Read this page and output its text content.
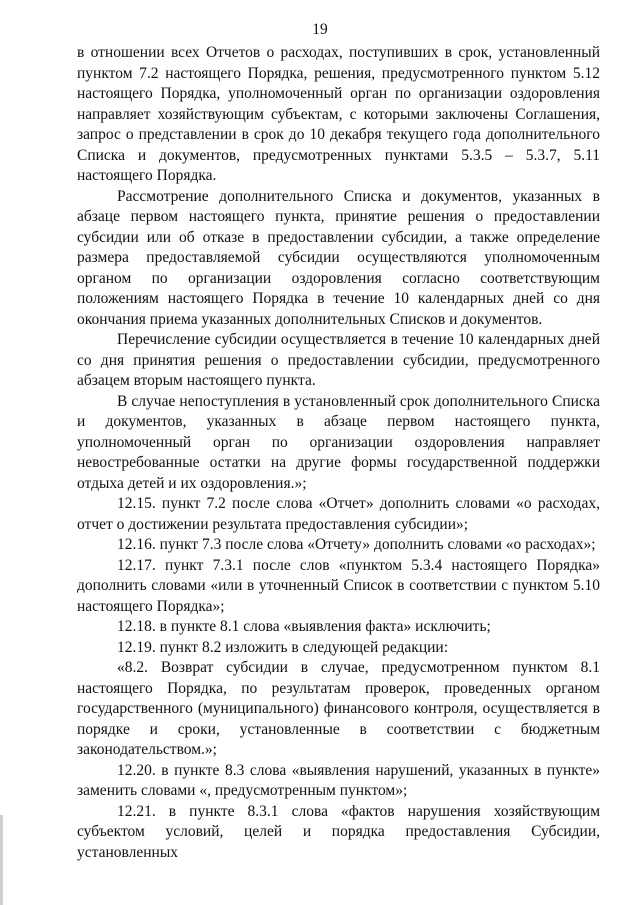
19

в отношении всех Отчетов о расходах, поступивших в срок, установленный пунктом 7.2 настоящего Порядка, решения, предусмотренного пунктом 5.12 настоящего Порядка, уполномоченный орган по организации оздоровления направляет хозяйствующим субъектам, с которыми заключены Соглашения, запрос о представлении в срок до 10 декабря текущего года дополнительного Списка и документов, предусмотренных пунктами 5.3.5 – 5.3.7, 5.11 настоящего Порядка.

Рассмотрение дополнительного Списка и документов, указанных в абзаце первом настоящего пункта, принятие решения о предоставлении субсидии или об отказе в предоставлении субсидии, а также определение размера предоставляемой субсидии осуществляются уполномоченным органом по организации оздоровления согласно соответствующим положениям настоящего Порядка в течение 10 календарных дней со дня окончания приема указанных дополнительных Списков и документов.

Перечисление субсидии осуществляется в течение 10 календарных дней со дня принятия решения о предоставлении субсидии, предусмотренного абзацем вторым настоящего пункта.

В случае непоступления в установленный срок дополнительного Списка и документов, указанных в абзаце первом настоящего пункта, уполномоченный орган по организации оздоровления направляет невостребованные остатки на другие формы государственной поддержки отдыха детей и их оздоровления.»;

12.15. пункт 7.2 после слова «Отчет» дополнить словами «о расходах, отчет о достижении результата предоставления субсидии»;

12.16. пункт 7.3 после слова «Отчету» дополнить словами «о расходах»;

12.17. пункт 7.3.1 после слов «пунктом 5.3.4 настоящего Порядка» дополнить словами «или в уточненный Список в соответствии с пунктом 5.10 настоящего Порядка»;

12.18. в пункте 8.1 слова «выявления факта» исключить;

12.19. пункт 8.2 изложить в следующей редакции:

«8.2. Возврат субсидии в случае, предусмотренном пунктом 8.1 настоящего Порядка, по результатам проверок, проведенных органом государственного (муниципального) финансового контроля, осуществляется в порядке и сроки, установленные в соответствии с бюджетным законодательством.»;

12.20. в пункте 8.3 слова «выявления нарушений, указанных в пункте» заменить словами «, предусмотренным пунктом»;

12.21. в пункте 8.3.1 слова «фактов нарушения хозяйствующим субъектом условий, целей и порядка предоставления Субсидии, установленных
